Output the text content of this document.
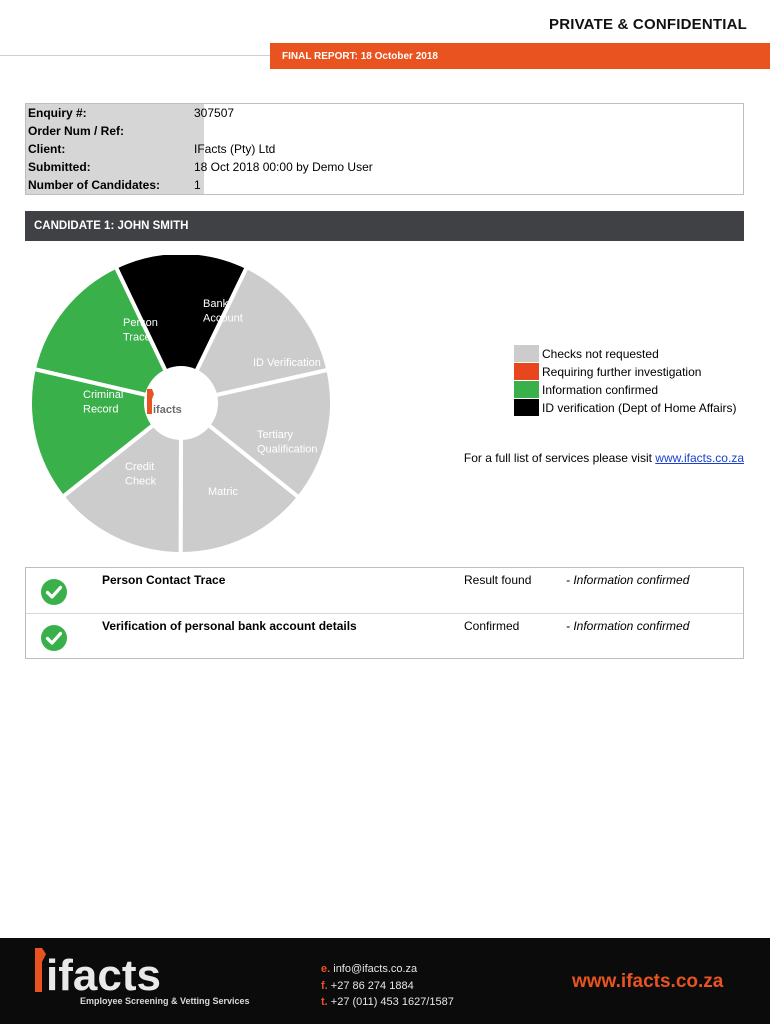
PRIVATE & CONFIDENTIAL
FINAL REPORT: 18 October 2018
Enquiry #:	307507
Order Num / Ref:
Client:	IFacts (Pty) Ltd
Submitted:	18 Oct 2018 00:00 by Demo User
Number of Candidates:	1
CANDIDATE 1: JOHN SMITH
Bank Account
ID Verification
Tertiary Qualification
Matric
Credit Check
Criminal Record
Person Trace
ifacts
Checks not requested
Requiring further investigation
Information confirmed
ID verification (Dept of Home Affairs)
For a full list of services please visit www.ifacts.co.za
Person Contact Trace	Result found	- Information confirmed
Verification of personal bank account details	Confirmed	- Information confirmed
ifacts
Employee Screening & Vetting Services
e. info@ifacts.co.za
f. +27 86 274 1884
t. +27 (011) 453 1627/1587
www.ifacts.co.za
